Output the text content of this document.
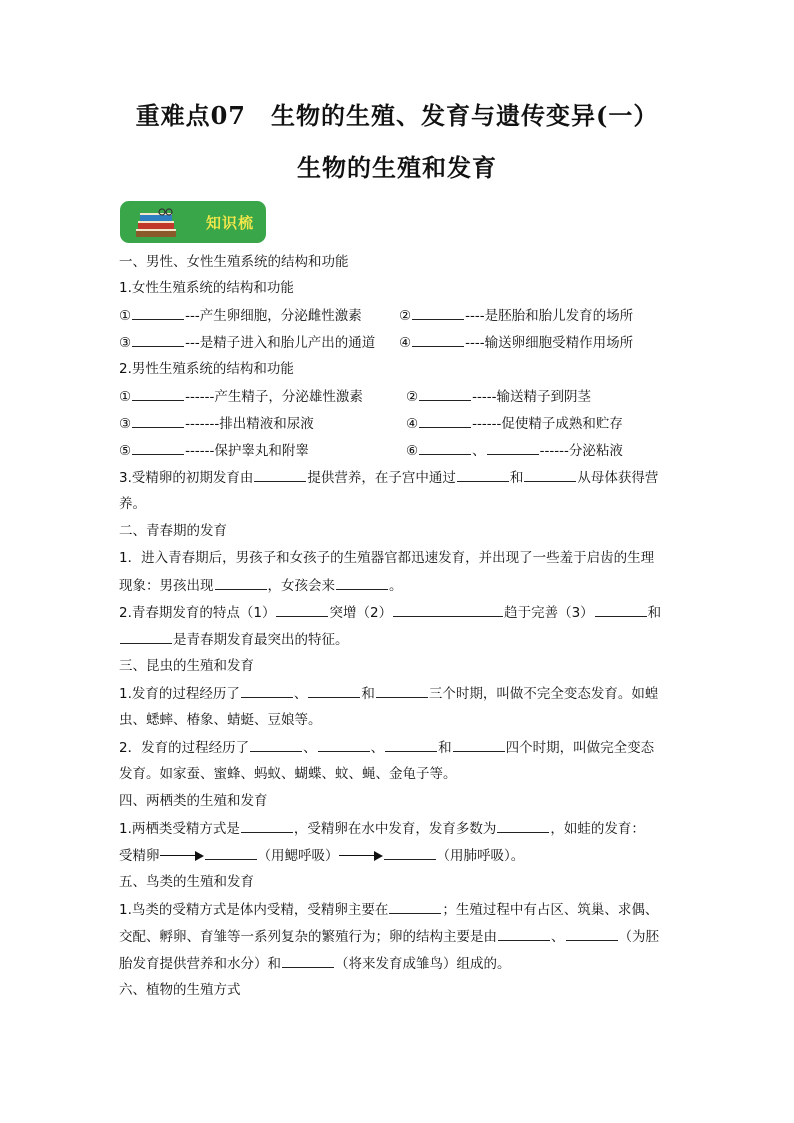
重难点07　生物的生殖、发育与遗传变异(一）
生物的生殖和发育
知识梳
一、男性、女性生殖系统的结构和功能
1.女性生殖系统的结构和功能
①	---产生卵细胞，分泌雌性激素	②	----是胚胎和胎儿发育的场所
③	---是精子进入和胎儿产出的通道 ④	----输送卵细胞受精作用场所
2.男性生殖系统的结构和功能
①	------产生精子，分泌雄性激素	②	-----输送精子到阴茎
③	-------排出精液和尿液	④	------促使精子成熟和贮存
⑤	------保护睾丸和附睾	⑥	、	------分泌粘液
3.受精卵的初期发育由	提供营养，在子宫中通过	和	从母体获得营
养。
二、青春期的发育
1．进入青春期后，男孩子和女孩子的生殖器官都迅速发育，并出现了一些羞于启齿的生理
现象：男孩出现	，女孩会来	。
2.青春期发育的特点（1）	突增（2）	趋于完善（3）	和
是青春期发育最突出的特征。
三、昆虫的生殖和发育
1.发育的过程经历了	、	和	三个时期，叫做不完全变态发育。如蝗
虫、蟋蟀、椿象、蜻蜓、豆娘等。
2．发育的过程经历了	、	、	和	四个时期，叫做完全变态
发育。如家蚕、蜜蜂、蚂蚁、蝴蝶、蚊、蝇、金龟子等。
四、两栖类的生殖和发育
1.两栖类受精方式是	，受精卵在水中发育，发育多数为	，如蛙的发育：
受精卵	（用鳃呼吸）	（用肺呼吸）。
五、鸟类的生殖和发育
1.鸟类的受精方式是体内受精，受精卵主要在	；生殖过程中有占区、筑巢、求偶、
交配、孵卵、育雏等一系列复杂的繁殖行为；卵的结构主要是由	、	（为胚
胎发育提供营养和水分）和	（将来发育成雏鸟）组成的。
六、植物的生殖方式
